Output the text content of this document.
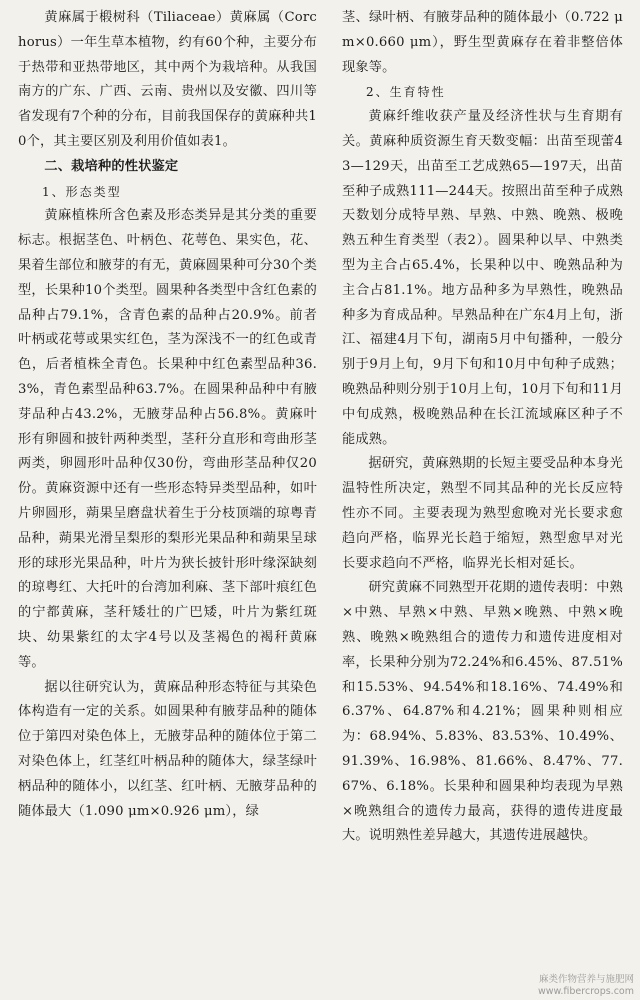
黄麻属于椴树科（Tiliaceae）黄麻属（Corchorus）一年生草本植物，约有60个种，主要分布于热带和亚热带地区，其中两个为栽培种。从我国南方的广东、广西、云南、贵州以及安徽、四川等省发现有7个种的分布，目前我国保存的黄麻种共10个，其主要区别及利用价值如表1。

二、栽培种的性状鉴定
1、形态类型

黄麻植株所含色素及形态类异是其分类的重要标志。根据茎色、叶柄色、花萼色、果实色，花、果着生部位和腋芽的有无，黄麻圆果种可分30个类型，长果种10个类型。圆果种各类型中含红色素的品种占79.1%，含青色素的品种占20.9%。前者叶柄或花萼或果实红色，茎为深浅不一的红色或青色，后者植株全青色。长果种中红色素型品种36.3%，青色素型品种63.7%。在圆果种品种中有腋芽品种占43.2%，无腋芽品种占56.8%。黄麻叶形有卵圆和披针两种类型，茎秆分直形和弯曲形茎两类，卵圆形叶品种仅30份，弯曲形茎品种仅20份。黄麻资源中还有一些形态特异类型品种，如叶片卵圆形，蒴果呈磨盘状着生于分枝顶端的琼粤青品种，蒴果光滑呈梨形的梨形光果品种和蒴果呈球形的球形光果品种，叶片为狭长披针形叶缘深缺刻的琼粤红、大托叶的台湾加利麻、茎下部叶痕红色的宁都黄麻，茎秆矮壮的广巴矮，叶片为紫红斑块、幼果紫红的太字4号以及茎褐色的褐秆黄麻等。

据以往研究认为，黄麻品种形态特征与其染色体构造有一定的关系。如圆果种有腋芽品种的随体位于第四对染色体上，无腋芽品种的随体位于第二对染色体上，红茎红叶柄品种的随体大，绿茎绿叶柄品种的随体小，以红茎、红叶柄、无腋芽品种的随体最大（1.090 μm×0.926 μm），绿

茎、绿叶柄、有腋芽品种的随体最小（0.722 μm×0.660 μm），野生型黄麻存在着非整倍体现象等。

2、生育特性

黄麻纤维收获产量及经济性状与生育期有关。黄麻种质资源生育天数变幅：出苗至现蕾43—129天，出苗至工艺成熟65—197天，出苗至种子成熟111—244天。按照出苗至种子成熟天数划分成特早熟、早熟、中熟、晚熟、极晚熟五种生育类型（表2）。圆果种以早、中熟类型为主合占65.4%，长果种以中、晚熟品种为主合占81.1%。地方品种多为早熟性，晚熟品种多为育成品种。早熟品种在广东4月上旬，浙江、福建4月下旬，湖南5月中旬播种，一般分别于9月上旬，9月下旬和10月中旬种子成熟；晚熟品种则分别于10月上旬，10月下旬和11月中旬成熟，极晚熟品种在长江流域麻区种子不能成熟。

据研究，黄麻熟期的长短主要受品种本身光温特性所决定，熟型不同其品种的光长反应特性亦不同。主要表现为熟型愈晚对光长要求愈趋向严格，临界光长趋于缩短，熟型愈早对光长要求趋向不严格，临界光长相对延长。

研究黄麻不同熟型开花期的遗传表明：中熟×中熟、早熟×中熟、早熟×晚熟、中熟×晚熟、晚熟×晚熟组合的遗传力和遗传进度相对率，长果种分别为72.24%和6.45%、87.51%和15.53%、94.54%和18.16%、74.49%和6.37%、64.87%和4.21%；圆果种则相应为：68.94%、5.83%、83.53%、10.49%、91.39%、16.98%、81.66%、8.47%、77.67%、6.18%。长果种和圆果种均表现为早熟×晚熟组合的遗传力最高，获得的遗传进度最大。说明熟性差异越大，其遗传进展越快。

麻类作物营养与施肥网
www.fibercrops.com
